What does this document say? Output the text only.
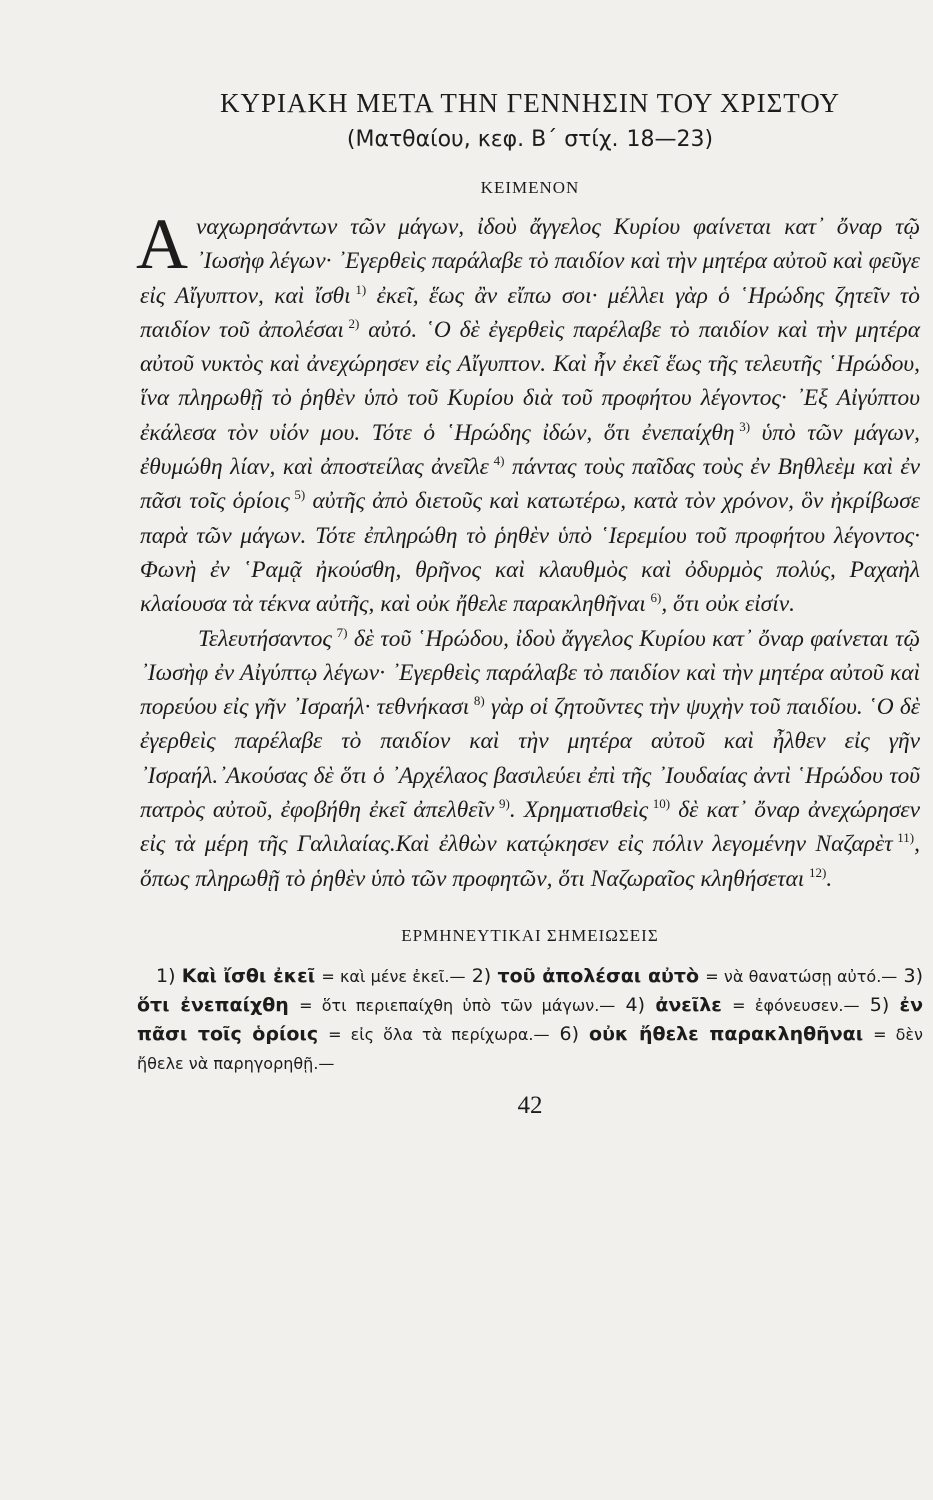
ΚΥΡΙΑΚΗ ΜΕΤΑ ΤΗΝ ΓΕΝΝΗΣΙΝ ΤΟΥ ΧΡΙΣΤΟΥ

(Ματθαίου, κεφ. Β΄ στίχ. 18—23)

ΚΕΙΜΕΝΟΝ

Αναχωρησάντων τῶν μάγων, ἰδοὺ ἄγγελος Κυρίου φαίνεται κατ᾽ ὄναρ τῷ ᾽Ιωσὴφ λέγων· ᾽Εγερθεὶς παράλαβε τὸ παιδίον καὶ τὴν μητέρα αὐτοῦ καὶ φεῦγε εἰς Αἴγυπτον, καὶ ἴσθι  $^{1)}$ ἐκεῖ, ἕως ἂν εἴπω σοι· μέλλει γὰρ ὁ ῾Ηρώδης ζητεῖν τὸ παιδίον τοῦ ἀπολέσαι  $^{2)}$ αὐτό. ῾Ο δὲ ἐγερθεὶς παρέλαβε τὸ παιδίον καὶ τὴν μητέρα αὐτοῦ νυκτὸς καὶ ἀνεχώρησεν εἰς Αἴγυπτον. Καὶ ἦν ἐκεῖ ἕως τῆς τελευτῆς ῾Ηρώδου, ἵνα πληρωθῇ τὸ ῥηθὲν ὑπὸ τοῦ Κυρίου διὰ τοῦ προφήτου λέγοντος· ᾽Εξ Αἰγύπτου ἐκάλεσα τὸν υἱόν μου. Τότε ὁ ῾Ηρώδης ἰδών, ὅτι ἐνεπαίχθη  $^{3)}$ ὑπὸ τῶν μάγων, ἐθυμώθη λίαν, καὶ ἀποστείλας ἀνεῖλε  $^{4)}$ πάντας τοὺς παῖδας τοὺς ἐν Βηθλεὲμ καὶ ἐν πᾶσι τοῖς ὁρίοις  $^{5)}$ αὐτῆς ἀπὸ διετοῦς καὶ κατωτέρω, κατὰ τὸν χρόνον, ὃν ἠκρίβωσε παρὰ τῶν μάγων. Τότε ἐπληρώθη τὸ ῥηθὲν ὑπὸ ῾Ιερεμίου τοῦ προφήτου λέγοντος· Φωνὴ ἐν ῾Ραμᾷ ἠκούσθη, θρῆνος καὶ κλαυθμὸς καὶ ὀδυρμὸς πολύς, Ραχαὴλ κλαίουσα τὰ τέκνα αὐτῆς, καὶ οὐκ ἤθελε παρακληθῆναι  $^{6)}$, ὅτι οὐκ εἰσίν.

Τελευτήσαντος  $^{7)}$ δὲ τοῦ ῾Ηρώδου, ἰδοὺ ἄγγελος Κυρίου κατ᾽ ὄναρ φαίνεται τῷ ᾽Ιωσὴφ ἐν Αἰγύπτῳ λέγων· ᾽Εγερθεὶς παράλαβε τὸ παιδίον καὶ τὴν μητέρα αὐτοῦ καὶ πορεύου εἰς γῆν ᾽Ισραήλ· τεθνήκασι  $^{8)}$ γὰρ οἱ ζητοῦντες τὴν ψυχὴν τοῦ παιδίου. ῾Ο δὲ ἐγερθεὶς παρέλαβε τὸ παιδίον καὶ τὴν μητέρα αὐτοῦ καὶ ἦλθεν εἰς γῆν ᾽Ισραήλ.᾽Ακούσας δὲ ὅτι ὁ ᾽Αρχέλαος βασιλεύει ἐπὶ τῆς ᾽Ιουδαίας ἀντὶ ῾Ηρώδου τοῦ πατρὸς αὐτοῦ, ἐφοβήθη ἐκεῖ ἀπελθεῖν  $^{9)}$. Χρηματισθεὶς  $^{10)}$ δὲ κατ᾽ ὄναρ ἀνεχώρησεν εἰς τὰ μέρη τῆς Γαλιλαίας.Καὶ ἐλθὼν κατῴκησεν εἰς πόλιν λεγομένην Ναζαρὲτ  $^{11)}$, ὅπως πληρωθῇ τὸ ῥηθὲν ὑπὸ τῶν προφητῶν, ὅτι Ναζωραῖος κληθήσεται  $^{12)}$.

ΕΡΜΗΝΕΥΤΙΚΑΙ ΣΗΜΕΙΩΣΕΙΣ

 1) Καὶ ἴσθι ἐκεῖ = καὶ μένε ἐκεῖ.— 2) τοῦ ἀπολέσαι αὐτὸ = νὰ θανατώσῃ αὐτό.— 3) ὅτι ἐνεπαίχθη = ὅτι περιεπαίχθη ὑπὸ τῶν μάγων.— 4) ἀνεῖλε = ἐφόνευσεν.— 5) ἐν πᾶσι τοῖς ὁρίοις = εἰς ὅλα τὰ περίχωρα.— 6) οὐκ ἤθελε παρακληθῆναι = δὲν ἤθελε νὰ παρηγορηθῇ.—
42
